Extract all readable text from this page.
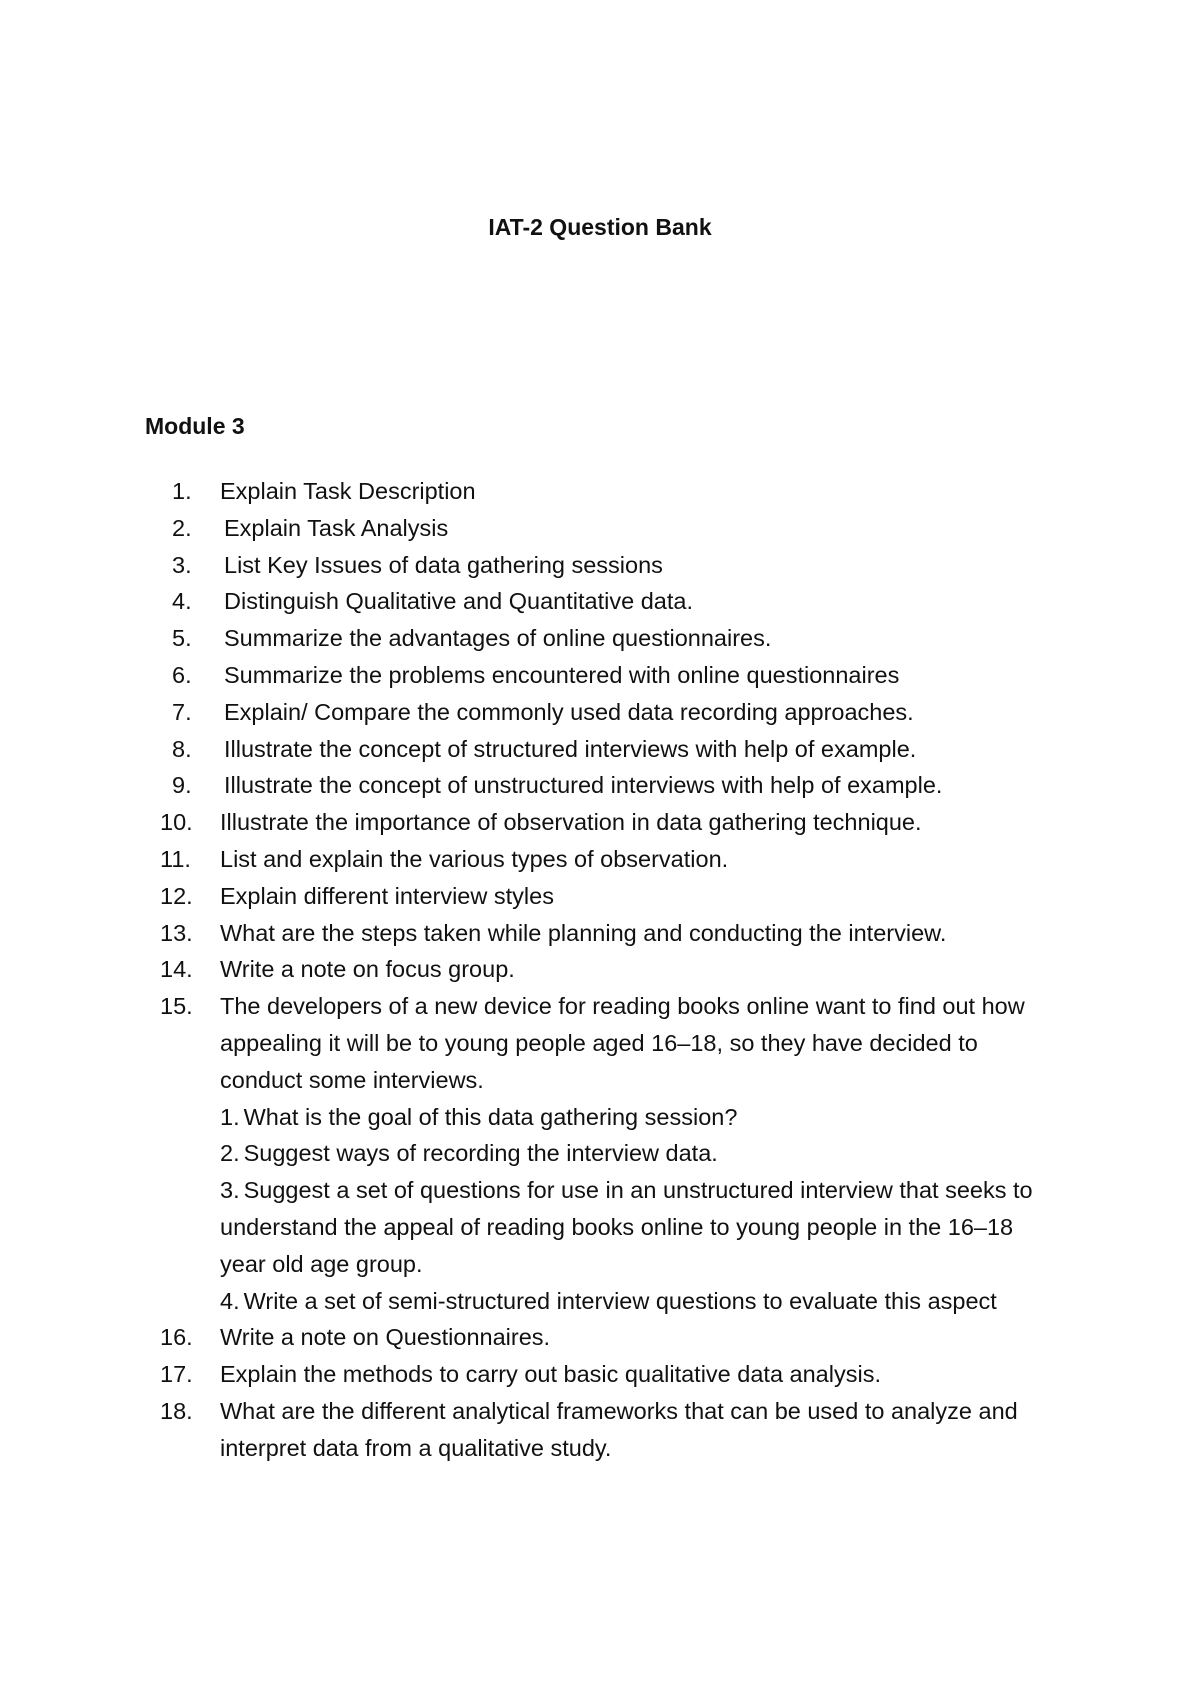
IAT-2 Question Bank
Module 3
1. Explain Task Description
2. Explain Task Analysis
3. List Key Issues of data gathering sessions
4. Distinguish Qualitative and Quantitative data.
5. Summarize the advantages of online questionnaires.
6. Summarize the problems encountered with online questionnaires
7. Explain/ Compare the commonly used data recording approaches.
8. Illustrate the concept of structured interviews with help of example.
9. Illustrate the concept of unstructured interviews with help of example.
10. Illustrate the importance of observation in data gathering technique.
11. List and explain the various types of observation.
12. Explain different interview styles
13. What are the steps taken while planning and conducting the interview.
14. Write a note on focus group.
15. The developers of a new device for reading books online want to find out how appealing it will be to young people aged 16–18, so they have decided to conduct some interviews.
1. What is the goal of this data gathering session?
2. Suggest ways of recording the interview data.
3. Suggest a set of questions for use in an unstructured interview that seeks to understand the appeal of reading books online to young people in the 16–18 year old age group.
4. Write a set of semi-structured interview questions to evaluate this aspect
16. Write a note on Questionnaires.
17. Explain the methods to carry out basic qualitative data analysis.
18. What are the different analytical frameworks that can be used to analyze and interpret data from a qualitative study.
